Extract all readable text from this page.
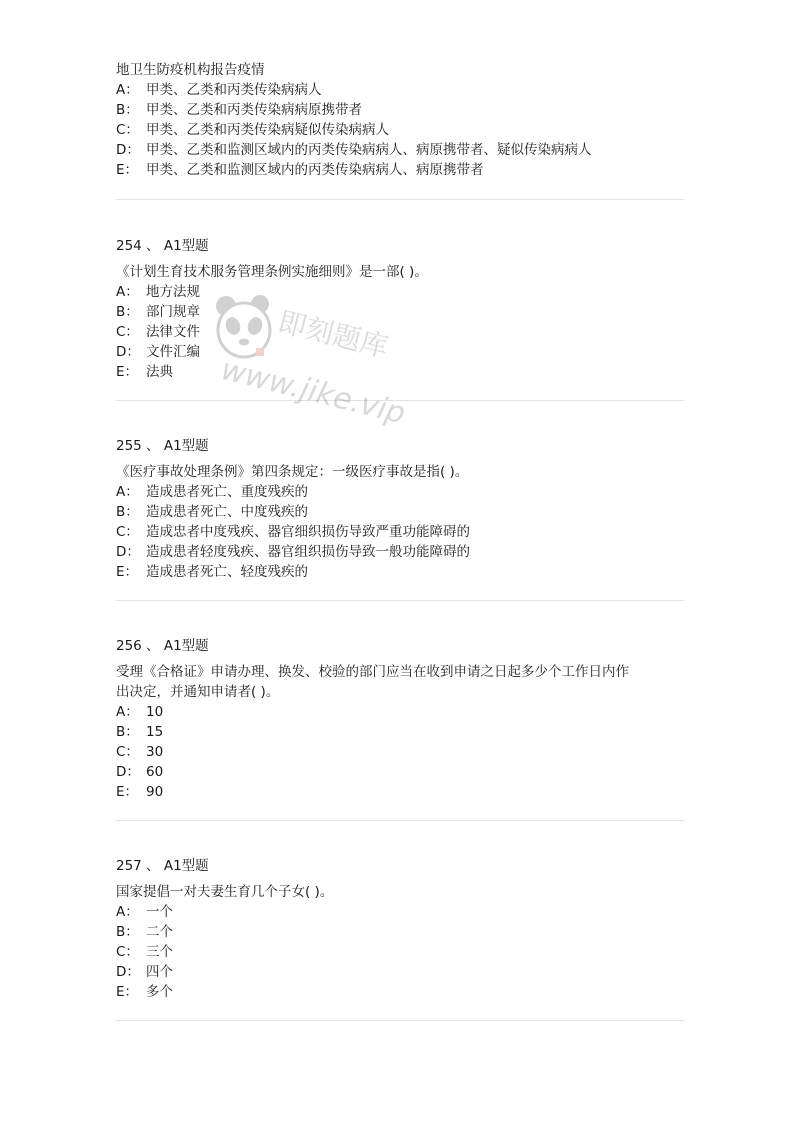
地卫生防疫机构报告疫情
A： 甲类、乙类和丙类传染病病人
B： 甲类、乙类和丙类传染病病原携带者
C： 甲类、乙类和丙类传染病疑似传染病病人
D： 甲类、乙类和监测区域内的丙类传染病病人、病原携带者、疑似传染病病人
E： 甲类、乙类和监测区域内的丙类传染病病人、病原携带者
254 、 A1型题
《计划生育技术服务管理条例实施细则》是一部( )。
A： 地方法规
B： 部门规章
C： 法律文件
D： 文件汇编
E： 法典
255 、 A1型题
《医疗事故处理条例》第四条规定：一级医疗事故是指( )。
A： 造成患者死亡、重度残疾的
B： 造成患者死亡、中度残疾的
C： 造成忠者中度残疾、器官细织损伤导致严重功能障碍的
D： 造成患者轻度残疾、器官组织损伤导致一般功能障碍的
E： 造成患者死亡、轻度残疾的
256 、 A1型题
受理《合格证》申请办理、换发、校验的部门应当在收到申请之日起多少个工作日内作
出决定，并通知申请者( )。
A： 10
B： 15
C： 30
D： 60
E： 90
257 、 A1型题
国家提倡一对夫妻生育几个子女( )。
A： 一个
B： 二个
C： 三个
D： 四个
E： 多个
即刻题库
www.jike.vip
